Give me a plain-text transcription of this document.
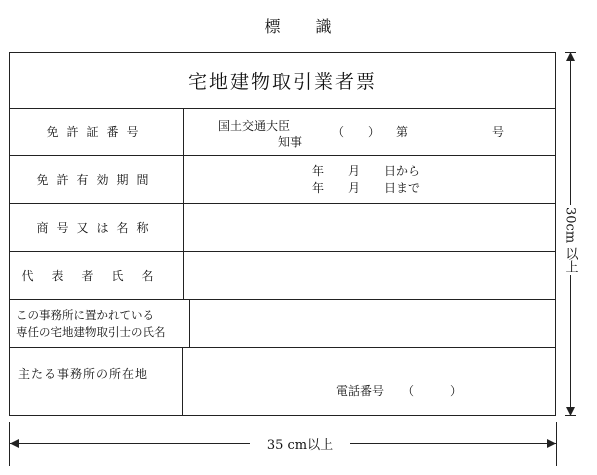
標　　識
宅地建物取引業者票
免許証番号	国土交通大臣
知事
（　　） 第	号
免許有効期間
年　　月　　日から
年　　月　　日まで
商号又は名称
代表者氏名
この事務所に置かれている
専任の宅地建物取引士の氏名
主たる事務所の所在地
電話番号　　（　　　）
30cm 以上
35 cm以上
